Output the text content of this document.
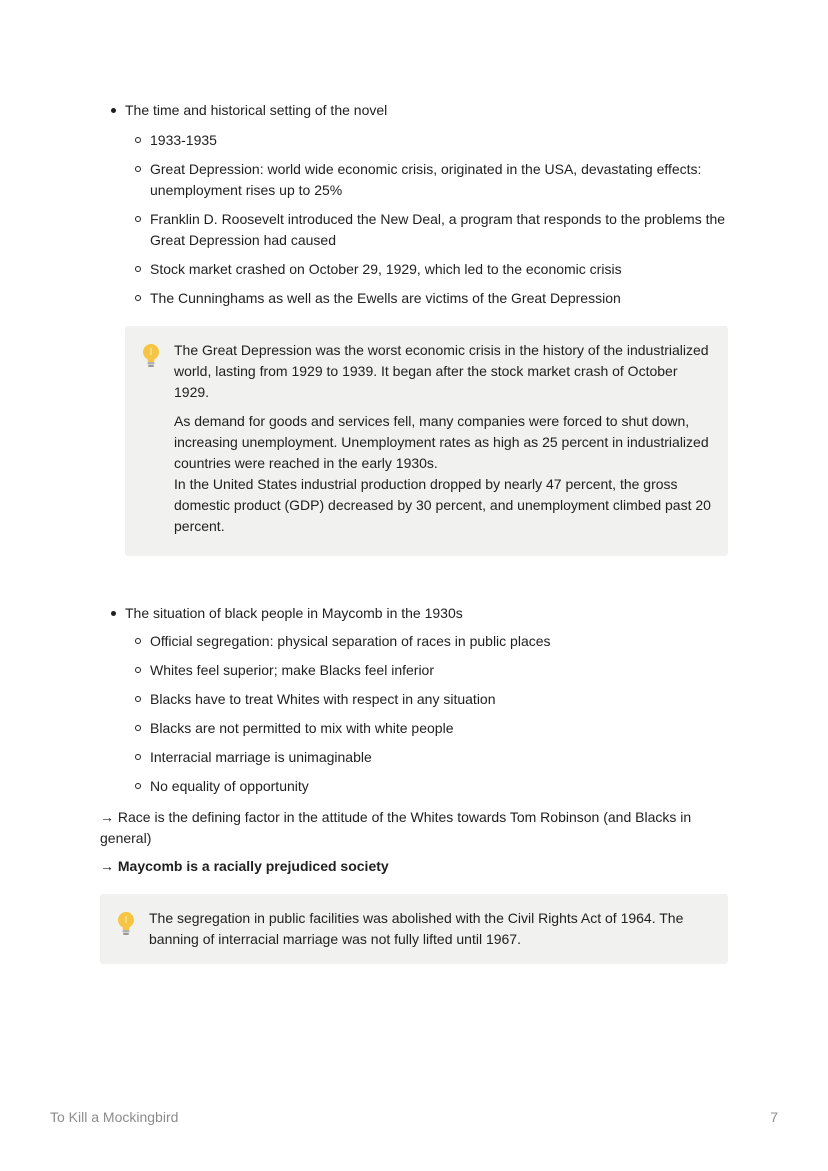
The time and historical setting of the novel
1933-1935
Great Depression: world wide economic crisis, originated in the USA, devastating effects: unemployment rises up to 25%
Franklin D. Roosevelt introduced the New Deal, a program that responds to the problems the Great Depression had caused
Stock market crashed on October 29, 1929, which led to the economic crisis
The Cunninghams as well as the Ewells are victims of the Great Depression

The Great Depression was the worst economic crisis in the history of the industrialized world, lasting from 1929 to 1939. It began after the stock market crash of October 1929.

As demand for goods and services fell, many companies were forced to shut down, increasing unemployment. Unemployment rates as high as 25 percent in industrialized countries were reached in the early 1930s.

In the United States industrial production dropped by nearly 47 percent, the gross domestic product (GDP) decreased by 30 percent, and unemployment climbed past 20 percent.

The situation of black people in Maycomb in the 1930s
Official segregation: physical separation of races in public places
Whites feel superior; make Blacks feel inferior
Blacks have to treat Whites with respect in any situation
Blacks are not permitted to mix with white people
Interracial marriage is unimaginable
No equality of opportunity
→ Race is the defining factor in the attitude of the Whites towards Tom Robinson (and Blacks in general)
→ Maycomb is a racially prejudiced society

The segregation in public facilities was abolished with the Civil Rights Act of 1964. The banning of interracial marriage was not fully lifted until 1967.

To Kill a Mockingbird	7
